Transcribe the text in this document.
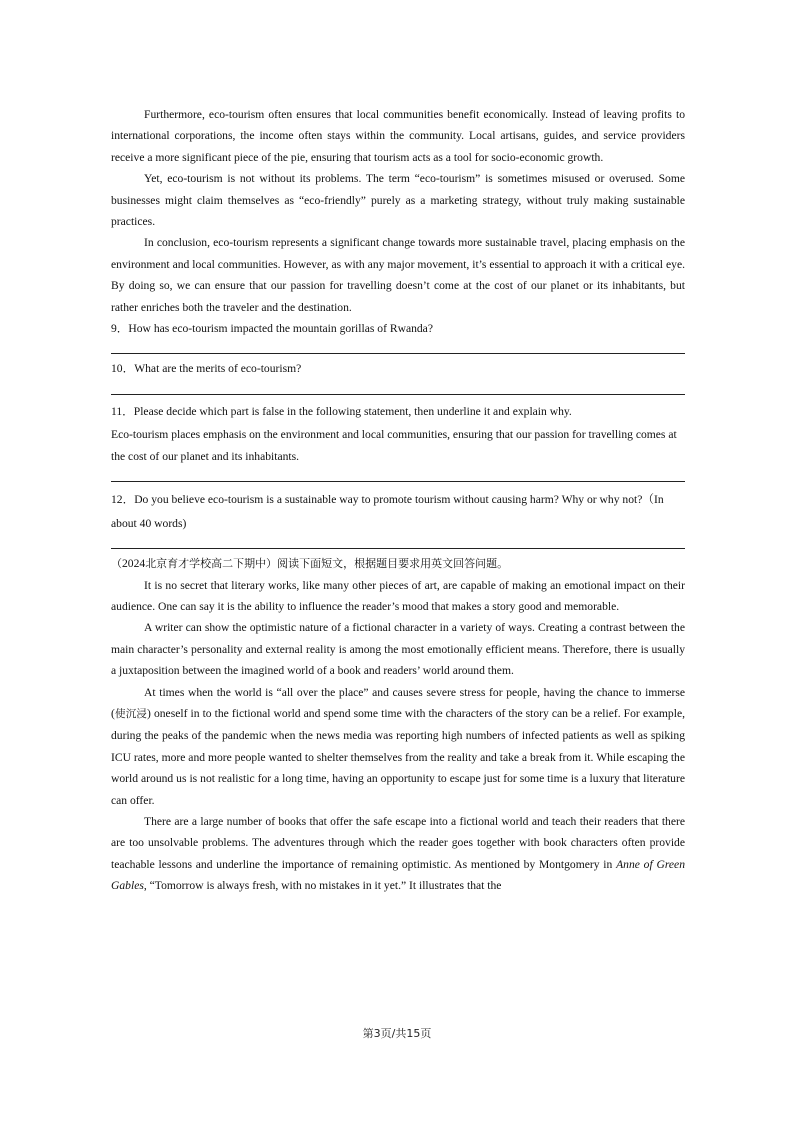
Furthermore, eco-tourism often ensures that local communities benefit economically. Instead of leaving profits to international corporations, the income often stays within the community. Local artisans, guides, and service providers receive a more significant piece of the pie, ensuring that tourism acts as a tool for socio-economic growth.

Yet, eco-tourism is not without its problems. The term “eco-tourism” is sometimes misused or overused. Some businesses might claim themselves as “eco-friendly” purely as a marketing strategy, without truly making sustainable practices.

In conclusion, eco-tourism represents a significant change towards more sustainable travel, placing emphasis on the environment and local communities. However, as with any major movement, it’s essential to approach it with a critical eye. By doing so, we can ensure that our passion for travelling doesn’t come at the cost of our planet or its inhabitants, but rather enriches both the traveler and the destination.

9．How has eco-tourism impacted the mountain gorillas of Rwanda?

10．What are the merits of eco-tourism?

11．Please decide which part is false in the following statement, then underline it and explain why.

Eco-tourism places emphasis on the environment and local communities, ensuring that our passion for travelling comes at the cost of our planet and its inhabitants.

12．Do you believe eco-tourism is a sustainable way to promote tourism without causing harm? Why or why not?（In about 40 words)

（2024北京育才学校高二下期中）阅读下面短文，根据题目要求用英文回答问题。

It is no secret that literary works, like many other pieces of art, are capable of making an emotional impact on their audience. One can say it is the ability to influence the reader’s mood that makes a story good and memorable.

A writer can show the optimistic nature of a fictional character in a variety of ways. Creating a contrast between the main character’s personality and external reality is among the most emotionally efficient means. Therefore, there is usually a juxtaposition between the imagined world of a book and readers’ world around them.

At times when the world is “all over the place” and causes severe stress for people, having the chance to immerse (使沉浸) oneself in to the fictional world and spend some time with the characters of the story can be a relief. For example, during the peaks of the pandemic when the news media was reporting high numbers of infected patients as well as spiking ICU rates, more and more people wanted to shelter themselves from the reality and take a break from it. While escaping the world around us is not realistic for a long time, having an opportunity to escape just for some time is a luxury that literature can offer.

There are a large number of books that offer the safe escape into a fictional world and teach their readers that there are too unsolvable problems. The adventures through which the reader goes together with book characters often provide teachable lessons and underline the importance of remaining optimistic. As mentioned by Montgomery in Anne of Green Gables, “Tomorrow is always fresh, with no mistakes in it yet.” It illustrates that the

第3页/共15页
